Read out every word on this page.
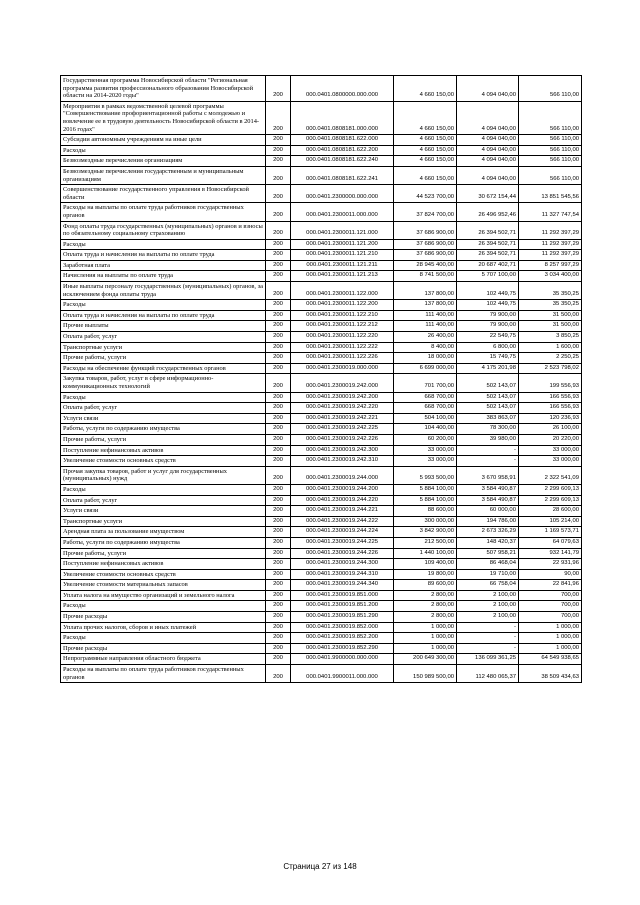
Государственная программа Новосибирской области "Региональная программа развития профессионального образования Новосибирской области на 2014-2020 годы"	200	000.0401.0800000.000.000	4 660 150,00	4 094 040,00	566 110,00
Мероприятия в рамках ведомственной целевой программы "Совершенствование профориентационной работы с молодежью и вовлечение ее в трудовую деятельность Новосибирской области в 2014-2016 годах"	200	000.0401.0808181.000.000	4 660 150,00	4 094 040,00	566 110,00
Субсидии автономным учреждениям на иные цели	200	000.0401.0808181.622.000	4 660 150,00	4 094 040,00	566 110,00
Расходы	200	000.0401.0808181.622.200	4 660 150,00	4 094 040,00	566 110,00
Безвозмездные перечисления организациям	200	000.0401.0808181.622.240	4 660 150,00	4 094 040,00	566 110,00
Безвозмездные перечисления государственным и муниципальным организациям	200	000.0401.0808181.622.241	4 660 150,00	4 094 040,00	566 110,00
Совершенствование государственного управления в Новосибирской области	200	000.0401.2300000.000.000	44 523 700,00	30 672 154,44	13 851 545,56
Расходы на выплаты по оплате труда работников государственных органов	200	000.0401.2300011.000.000	37 824 700,00	26 496 952,46	11 327 747,54
Фонд оплаты труда государственных (муниципальных) органов и взносы по обязательному социальному страхованию	200	000.0401.2300011.121.000	37 686 900,00	26 394 502,71	11 292 397,29
Расходы	200	000.0401.2300011.121.200	37 686 900,00	26 394 502,71	11 292 397,29
Оплата труда и начисления на выплаты по оплате труда	200	000.0401.2300011.121.210	37 686 900,00	26 394 502,71	11 292 397,29
Заработная плата	200	000.0401.2300011.121.211	28 945 400,00	20 687 402,71	8 257 997,29
Начисления на выплаты по оплате труда	200	000.0401.2300011.121.213	8 741 500,00	5 707 100,00	3 034 400,00
Иные выплаты персоналу государственных (муниципальных) органов, за исключением фонда оплаты труда	200	000.0401.2300011.122.000	137 800,00	102 449,75	35 350,25
Расходы	200	000.0401.2300011.122.200	137 800,00	102 449,75	35 350,25
Оплата труда и начисления на выплаты по оплате труда	200	000.0401.2300011.122.210	111 400,00	79 900,00	31 500,00
Прочие выплаты	200	000.0401.2300011.122.212	111 400,00	79 900,00	31 500,00
Оплата работ, услуг	200	000.0401.2300011.122.220	26 400,00	22 549,75	3 850,25
Транспортные услуги	200	000.0401.2300011.122.222	8 400,00	6 800,00	1 600,00
Прочие работы, услуги	200	000.0401.2300011.122.226	18 000,00	15 749,75	2 250,25
Расходы на обеспечение функций государственных органов	200	000.0401.2300019.000.000	6 699 000,00	4 175 201,98	2 523 798,02
Закупка товаров, работ, услуг в сфере информационно-коммуникационных технологий	200	000.0401.2300019.242.000	701 700,00	502 143,07	199 556,93
Расходы	200	000.0401.2300019.242.200	668 700,00	502 143,07	166 556,93
Оплата работ, услуг	200	000.0401.2300019.242.220	668 700,00	502 143,07	166 556,93
Услуги связи	200	000.0401.2300019.242.221	504 100,00	383 863,07	120 236,93
Работы, услуги по содержанию имущества	200	000.0401.2300019.242.225	104 400,00	78 300,00	26 100,00
Прочие работы, услуги	200	000.0401.2300019.242.226	60 200,00	39 980,00	20 220,00
Поступление нефинансовых активов	200	000.0401.2300019.242.300	33 000,00	-	33 000,00
Увеличение стоимости основных средств	200	000.0401.2300019.242.310	33 000,00	-	33 000,00
Прочая закупка товаров, работ и услуг для государственных (муниципальных) нужд	200	000.0401.2300019.244.000	5 993 500,00	3 670 958,91	2 322 541,09
Расходы	200	000.0401.2300019.244.200	5 884 100,00	3 584 490,87	2 299 609,13
Оплата работ, услуг	200	000.0401.2300019.244.220	5 884 100,00	3 584 490,87	2 299 609,13
Услуги связи	200	000.0401.2300019.244.221	88 600,00	60 000,00	28 600,00
Транспортные услуги	200	000.0401.2300019.244.222	300 000,00	194 786,00	105 214,00
Арендная плата за пользование имуществом	200	000.0401.2300019.244.224	3 842 900,00	2 673 326,29	1 169 573,71
Работы, услуги по содержанию имущества	200	000.0401.2300019.244.225	212 500,00	148 420,37	64 079,63
Прочие работы, услуги	200	000.0401.2300019.244.226	1 440 100,00	507 958,21	932 141,79
Поступление нефинансовых активов	200	000.0401.2300019.244.300	109 400,00	86 468,04	22 931,96
Увеличение стоимости основных средств	200	000.0401.2300019.244.310	19 800,00	19 710,00	90,00
Увеличение стоимости материальных запасов	200	000.0401.2300019.244.340	89 600,00	66 758,04	22 841,96
Уплата налога на имущество организаций и земельного налога	200	000.0401.2300019.851.000	2 800,00	2 100,00	700,00
Расходы	200	000.0401.2300019.851.200	2 800,00	2 100,00	700,00
Прочие расходы	200	000.0401.2300019.851.290	2 800,00	2 100,00	700,00
Уплата прочих налогов, сборов и иных платежей	200	000.0401.2300019.852.000	1 000,00	-	1 000,00
Расходы	200	000.0401.2300019.852.200	1 000,00	-	1 000,00
Прочие расходы	200	000.0401.2300019.852.290	1 000,00	-	1 000,00
Непрограммные направления областного бюджета	200	000.0401.9900000.000.000	200 649 300,00	136 099 361,25	64 549 938,65
Расходы на выплаты по оплате труда работников государственных органов	200	000.0401.9900011.000.000	150 989 500,00	112 480 065,37	38 509 434,63
Страница 27 из 148
